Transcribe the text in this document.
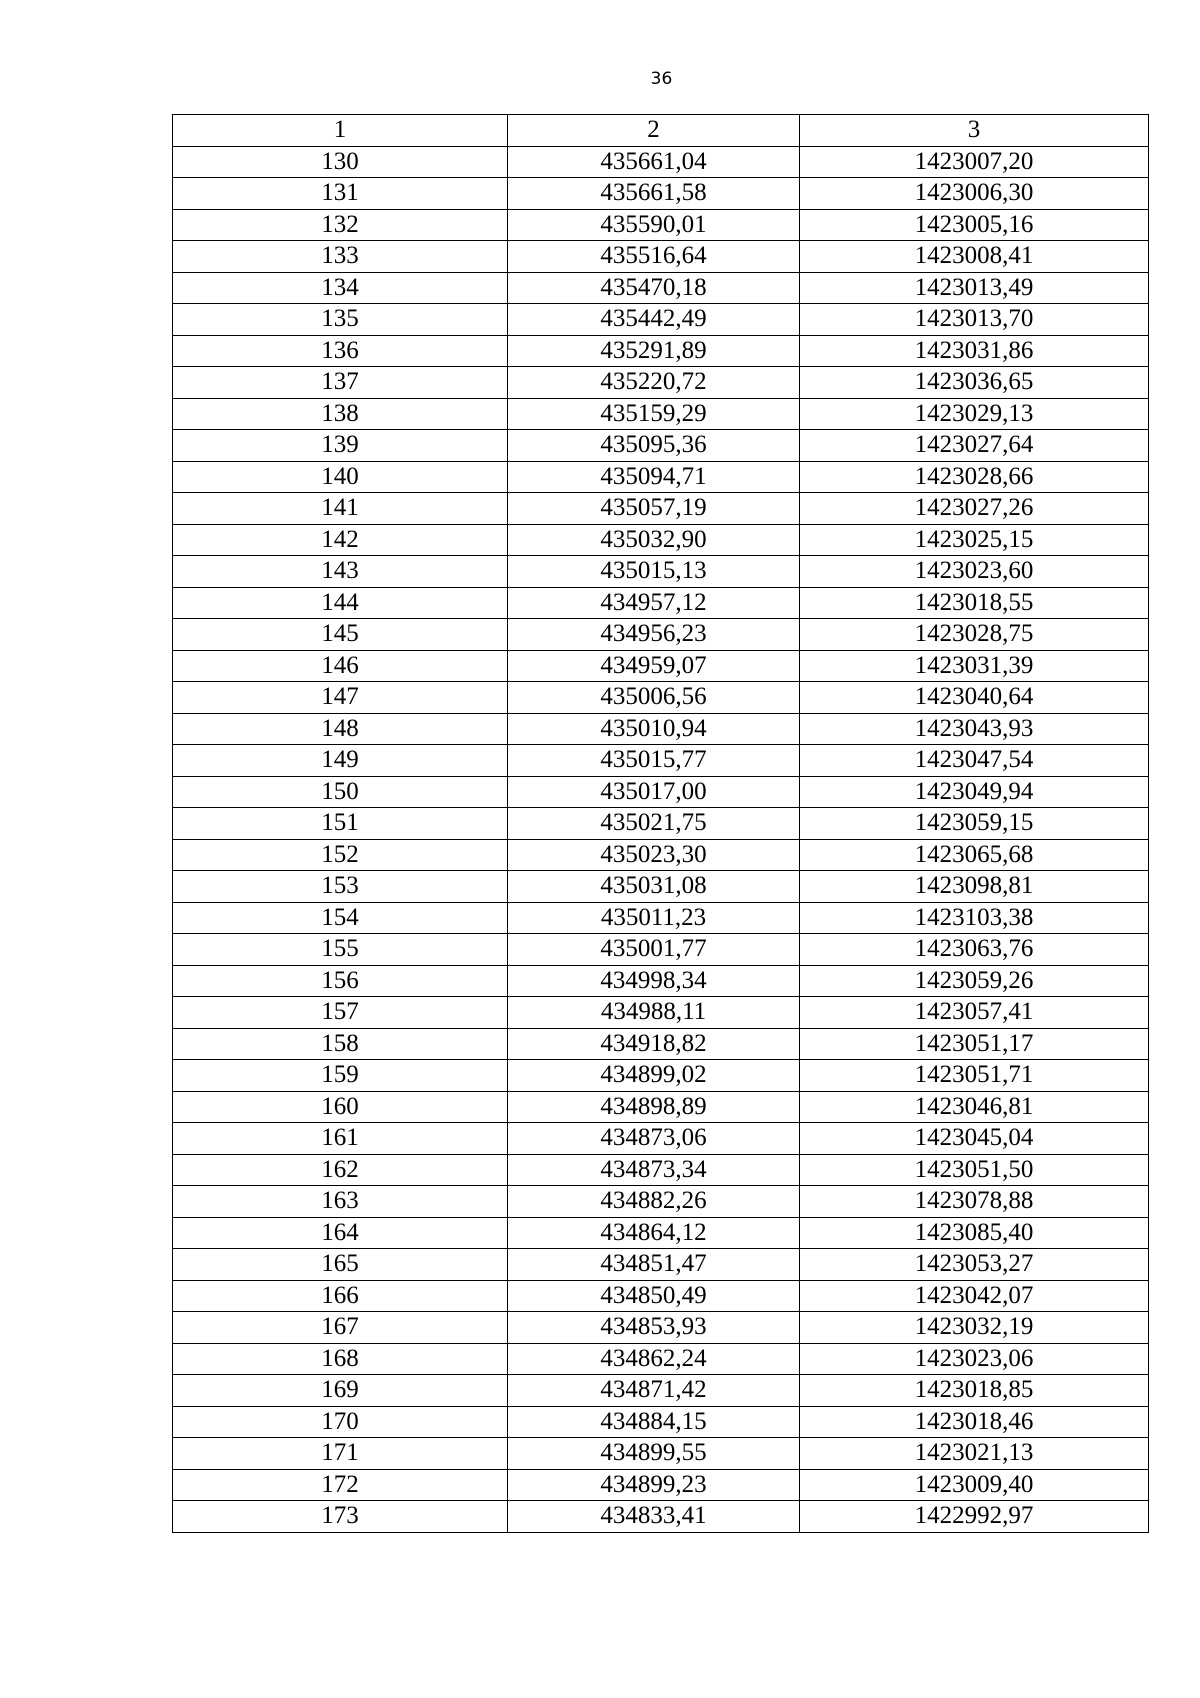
36
1	2	3
130	435661,04	1423007,20
131	435661,58	1423006,30
132	435590,01	1423005,16
133	435516,64	1423008,41
134	435470,18	1423013,49
135	435442,49	1423013,70
136	435291,89	1423031,86
137	435220,72	1423036,65
138	435159,29	1423029,13
139	435095,36	1423027,64
140	435094,71	1423028,66
141	435057,19	1423027,26
142	435032,90	1423025,15
143	435015,13	1423023,60
144	434957,12	1423018,55
145	434956,23	1423028,75
146	434959,07	1423031,39
147	435006,56	1423040,64
148	435010,94	1423043,93
149	435015,77	1423047,54
150	435017,00	1423049,94
151	435021,75	1423059,15
152	435023,30	1423065,68
153	435031,08	1423098,81
154	435011,23	1423103,38
155	435001,77	1423063,76
156	434998,34	1423059,26
157	434988,11	1423057,41
158	434918,82	1423051,17
159	434899,02	1423051,71
160	434898,89	1423046,81
161	434873,06	1423045,04
162	434873,34	1423051,50
163	434882,26	1423078,88
164	434864,12	1423085,40
165	434851,47	1423053,27
166	434850,49	1423042,07
167	434853,93	1423032,19
168	434862,24	1423023,06
169	434871,42	1423018,85
170	434884,15	1423018,46
171	434899,55	1423021,13
172	434899,23	1423009,40
173	434833,41	1422992,97
